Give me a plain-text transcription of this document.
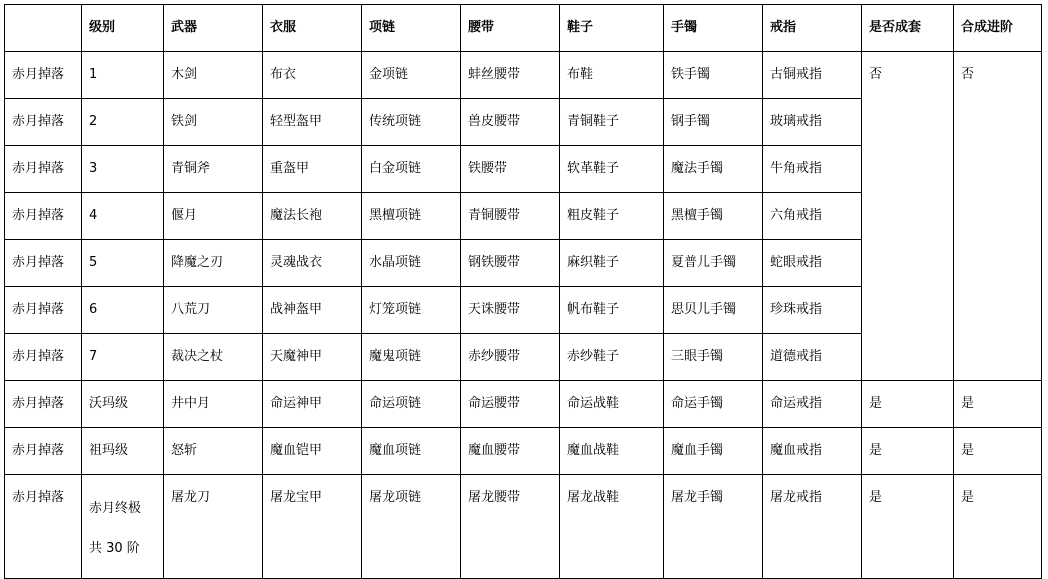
	级别	武器	衣服	项链	腰带	鞋子	手镯	戒指	是否成套	合成进阶
赤月掉落	1	木剑	布衣	金项链	蚌丝腰带	布鞋	铁手镯	古铜戒指	否	否
赤月掉落	2	铁剑	轻型盔甲	传统项链	兽皮腰带	青铜鞋子	钢手镯	玻璃戒指		
赤月掉落	3	青铜斧	重盔甲	白金项链	铁腰带	软革鞋子	魔法手镯	牛角戒指		
赤月掉落	4	偃月	魔法长袍	黑檀项链	青铜腰带	粗皮鞋子	黑檀手镯	六角戒指		
赤月掉落	5	降魔之刃	灵魂战衣	水晶项链	钢铁腰带	麻织鞋子	夏普儿手镯	蛇眼戒指		
赤月掉落	6	八荒刀	战神盔甲	灯笼项链	天诛腰带	帆布鞋子	思贝儿手镯	珍珠戒指		
赤月掉落	7	裁决之杖	天魔神甲	魔鬼项链	赤纱腰带	赤纱鞋子	三眼手镯	道德戒指		
赤月掉落	沃玛级	井中月	命运神甲	命运项链	命运腰带	命运战鞋	命运手镯	命运戒指	是	是
赤月掉落	祖玛级	怒斩	魔血铠甲	魔血项链	魔血腰带	魔血战鞋	魔血手镯	魔血戒指	是	是
赤月掉落	赤月终极 共 30 阶	屠龙刀	屠龙宝甲	屠龙项链	屠龙腰带	屠龙战鞋	屠龙手镯	屠龙戒指	是	是
